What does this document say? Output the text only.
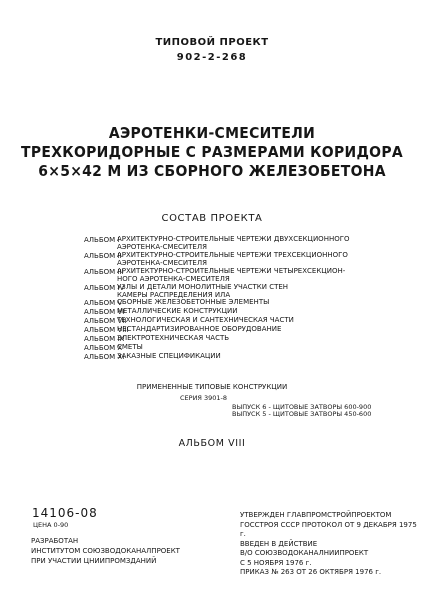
ТИПОВОЙ ПРОЕКТ
902-2-268
АЭРОТЕНКИ-СМЕСИТЕЛИ
ТРЕХКОРИДОРНЫЕ С РАЗМЕРАМИ КОРИДОРА
6×5×42 М ИЗ СБОРНОГО ЖЕЛЕЗОБЕТОНА
СОСТАВ ПРОЕКТА
АЛЬБОМ I
АРХИТЕКТУРНО-СТРОИТЕЛЬНЫЕ ЧЕРТЕЖИ ДВУХСЕКЦИОННОГО
АЭРОТЕНКА-СМЕСИТЕЛЯ
АЛЬБОМ II
АРХИТЕКТУРНО-СТРОИТЕЛЬНЫЕ ЧЕРТЕЖИ ТРЕХСЕКЦИОННОГО
АЭРОТЕНКА-СМЕСИТЕЛЯ
АЛЬБОМ III
АРХИТЕКТУРНО-СТРОИТЕЛЬНЫЕ ЧЕРТЕЖИ ЧЕТЫРЕХСЕКЦИОН-
НОГО АЭРОТЕНКА-СМЕСИТЕЛЯ
АЛЬБОМ IV
УЗЛЫ И ДЕТАЛИ МОНОЛИТНЫЕ УЧАСТКИ СТЕН
КАМЕРЫ РАСПРЕДЕЛЕНИЯ ИЛА
АЛЬБОМ V
СБОРНЫЕ ЖЕЛЕЗОБЕТОННЫЕ ЭЛЕМЕНТЫ
АЛЬБОМ VI
МЕТАЛЛИЧЕСКИЕ КОНСТРУКЦИИ
АЛЬБОМ VII
ТЕХНОЛОГИЧЕСКАЯ И САНТЕХНИЧЕСКАЯ ЧАСТИ
АЛЬБОМ VIII
НЕСТАНДАРТИЗИРОВАННОЕ ОБОРУДОВАНИЕ
АЛЬБОМ IX
ЭЛЕКТРОТЕХНИЧЕСКАЯ ЧАСТЬ
АЛЬБОМ X
СМЕТЫ
АЛЬБОМ XI
ЗАКАЗНЫЕ СПЕЦИФИКАЦИИ
ПРИМЕНЕННЫЕ ТИПОВЫЕ КОНСТРУКЦИИ
СЕРИЯ 3901-8
ВЫПУСК 6 - ЩИТОВЫЕ ЗАТВОРЫ 600-900
ВЫПУСК 5 - ЩИТОВЫЕ ЗАТВОРЫ 450-600
АЛЬБОМ VIII
14106-08
ЦЕНА 0-90
РАЗРАБОТАН
ИНСТИТУТОМ СОЮЗВОДОКАНАЛПРОЕКТ
ПРИ УЧАСТИИ ЦНИИПРОМЗДАНИЙ
УТВЕРЖДЕН ГЛАВПРОМСТРОЙПРОЕКТОМ
ГОССТРОЯ СССР ПРОТОКОЛ ОТ 9 ДЕКАБРЯ 1975 г.
ВВЕДЕН В ДЕЙСТВИЕ
В/О СОЮЗВОДОКАНАЛНИИПРОЕКТ
С 5 НОЯБРЯ 1976 г.
ПРИКАЗ № 263 ОТ 26 ОКТЯБРЯ 1976 г.
